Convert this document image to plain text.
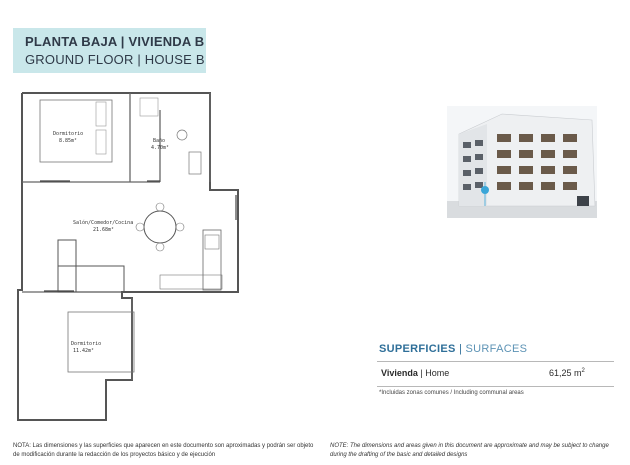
PLANTA BAJA | VIVIENDA B
GROUND FLOOR | HOUSE B
Dormitorio
8.85m²	Baño
4.70m²
Salón/Comedor/Cocina
21.68m²
Dormitorio
11.42m²	SUPERFICIES | SURFACES
Vivienda | Home	61,25 $m^2$
*Incluidas zonas comunes / Including communal areas
NOTA: Las dimensiones y las superficies que aparecen en este documento son aproximadas y podrán ser objeto de modificación durante la redacción de los proyectos básico y de ejecución
NOTE: The dimensions and areas given in this document are approximate and may be subject to change during the drafting of the basic and detailed designs
